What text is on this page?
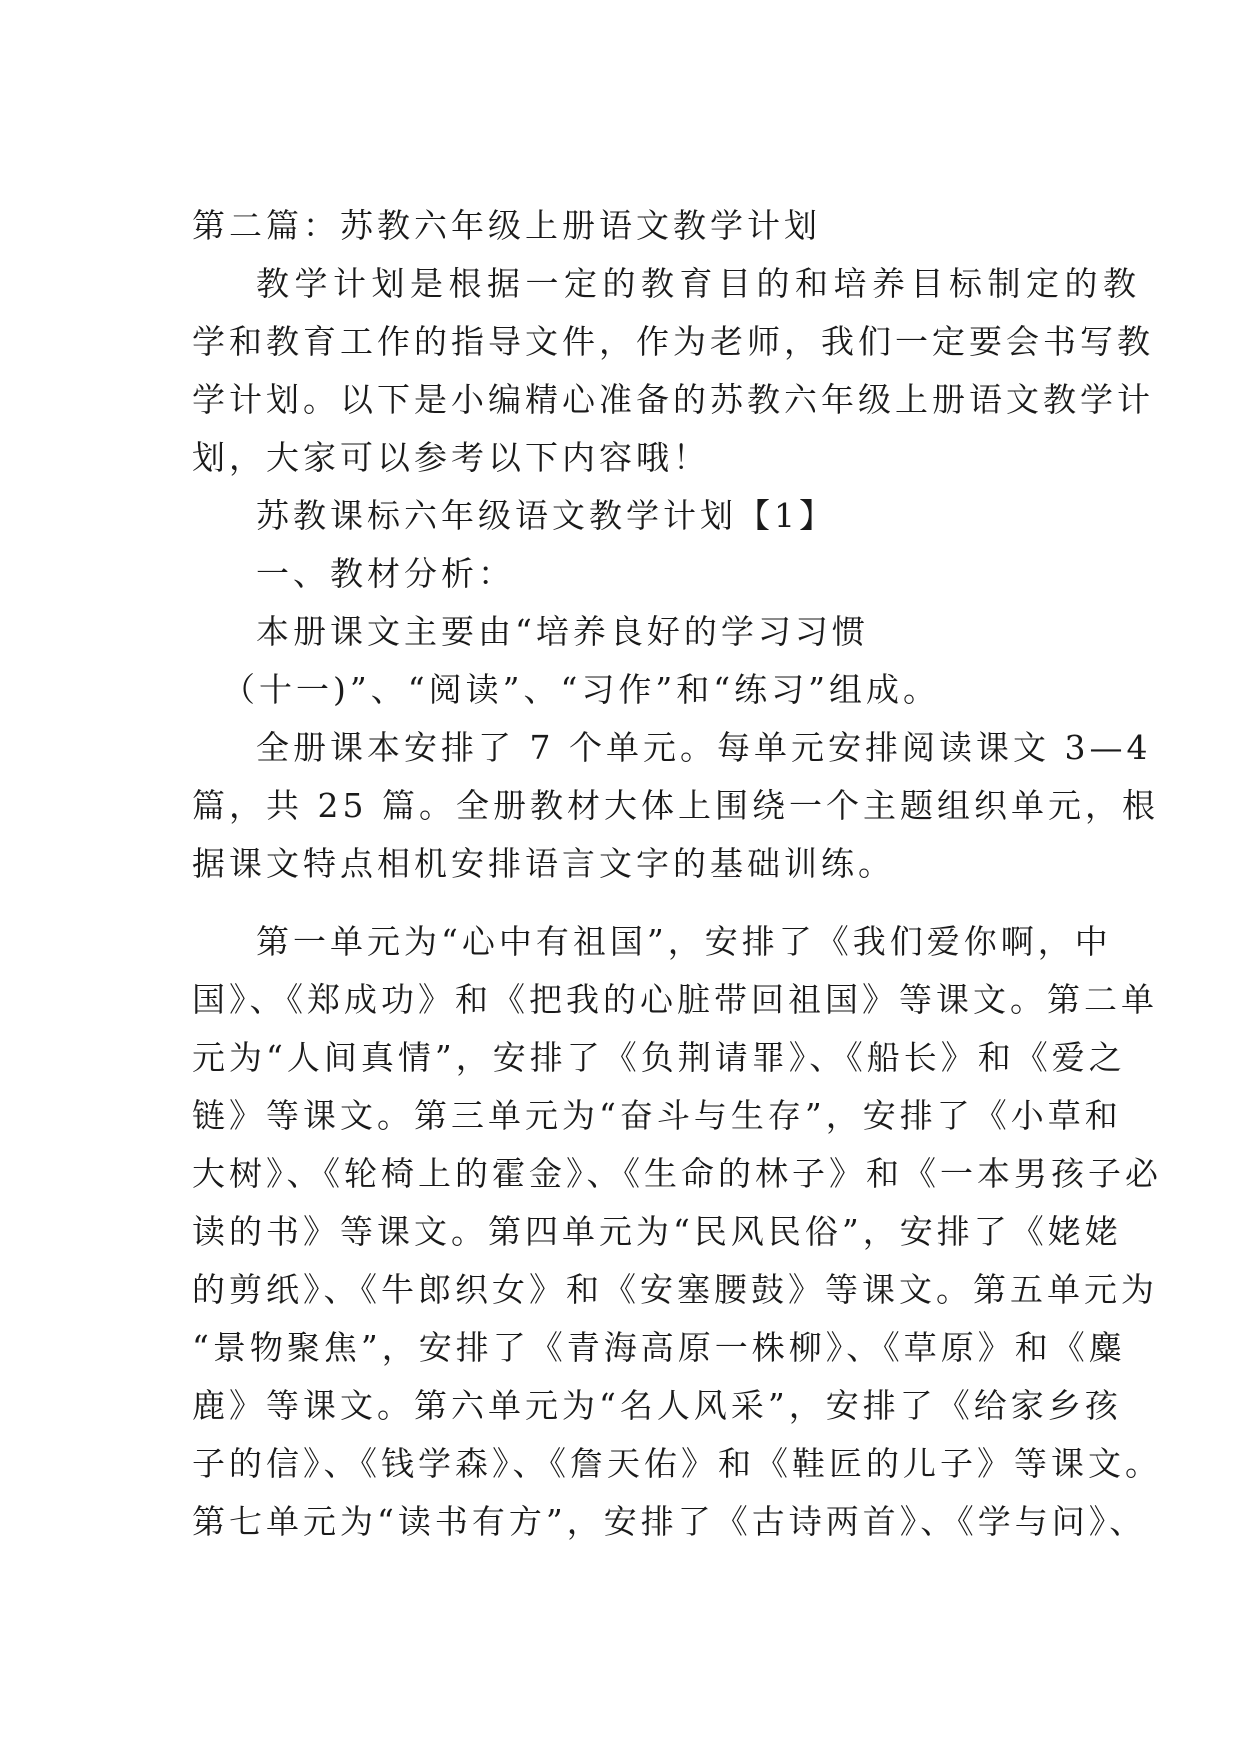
第二篇：苏教六年级上册语文教学计划
教学计划是根据一定的教育目的和培养目标制定的教
学和教育工作的指导文件，作为老师，我们一定要会书写教
学计划。以下是小编精心准备的苏教六年级上册语文教学计
划，大家可以参考以下内容哦！
苏教课标六年级语文教学计划【1】
一、教材分析：
本册课文主要由“培养良好的学习习惯
（十一)”、“阅读”、“习作”和“练习”组成。
全册课本安排了 7 个单元。每单元安排阅读课文 3—4
篇，共 25 篇。全册教材大体上围绕一个主题组织单元，根
据课文特点相机安排语言文字的基础训练。
第一单元为“心中有祖国”，安排了《我们爱你啊，中
国》、《郑成功》和《把我的心脏带回祖国》等课文。第二单
元为“人间真情”，安排了《负荆请罪》、《船长》和《爱之
链》等课文。第三单元为“奋斗与生存”，安排了《小草和
大树》、《轮椅上的霍金》、《生命的林子》和《一本男孩子必
读的书》等课文。第四单元为“民风民俗”，安排了《姥姥
的剪纸》、《牛郎织女》和《安塞腰鼓》等课文。第五单元为
“景物聚焦”，安排了《青海高原一株柳》、《草原》和《麋
鹿》等课文。第六单元为“名人风采”，安排了《给家乡孩
子的信》、《钱学森》、《詹天佑》和《鞋匠的儿子》等课文。
第七单元为“读书有方”，安排了《古诗两首》、《学与问》、
